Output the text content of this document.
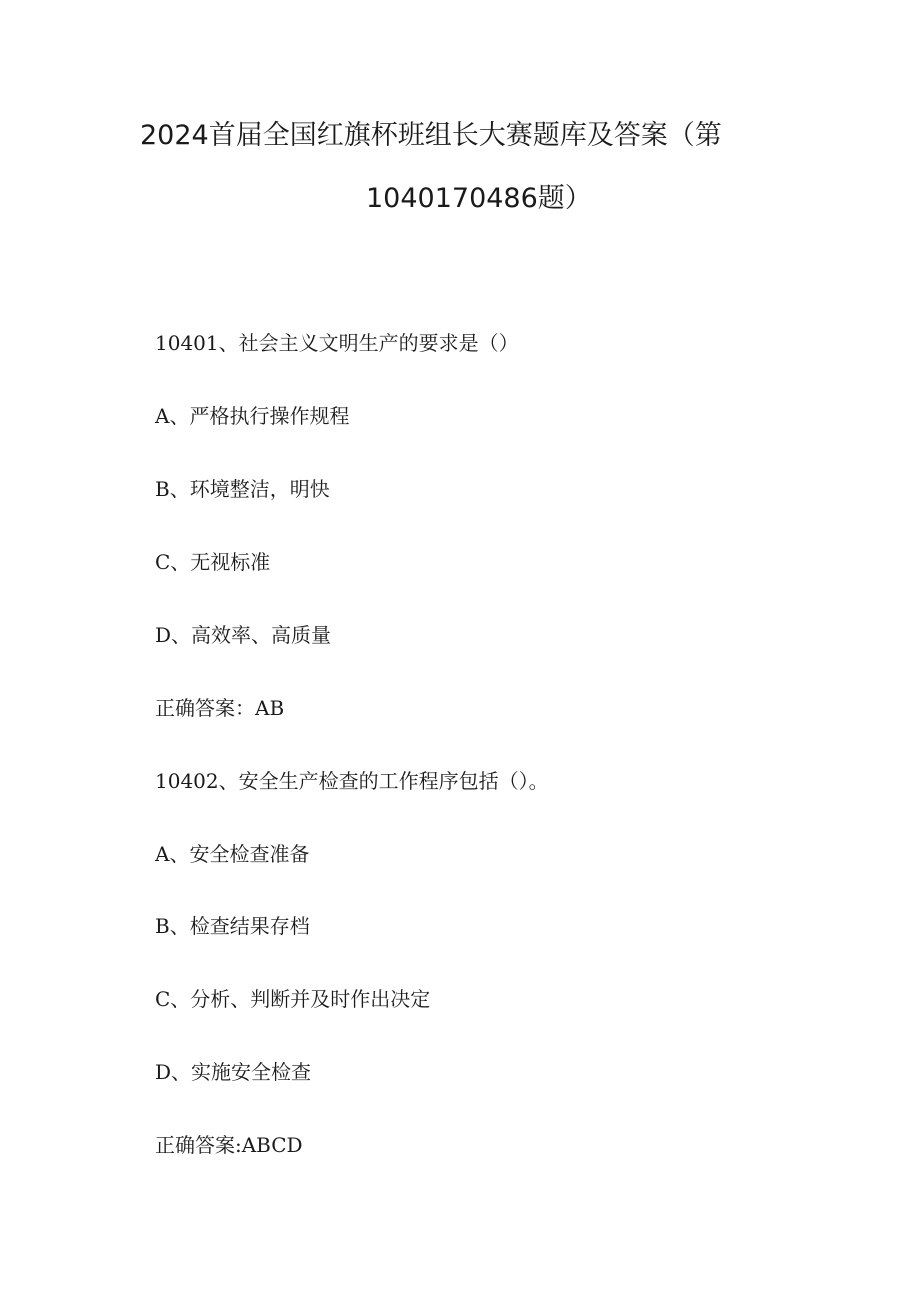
2024首届全国红旗杯班组长大赛题库及答案（第
1040170486题）
10401、社会主义文明生产的要求是（）
A、严格执行操作规程
B、环境整洁，明快
C、无视标准
D、高效率、高质量
正确答案：AB
10402、安全生产检查的工作程序包括（）。
A、安全检查准备
B、检查结果存档
C、分析、判断并及时作出决定
D、实施安全检查
正确答案:ABCD
